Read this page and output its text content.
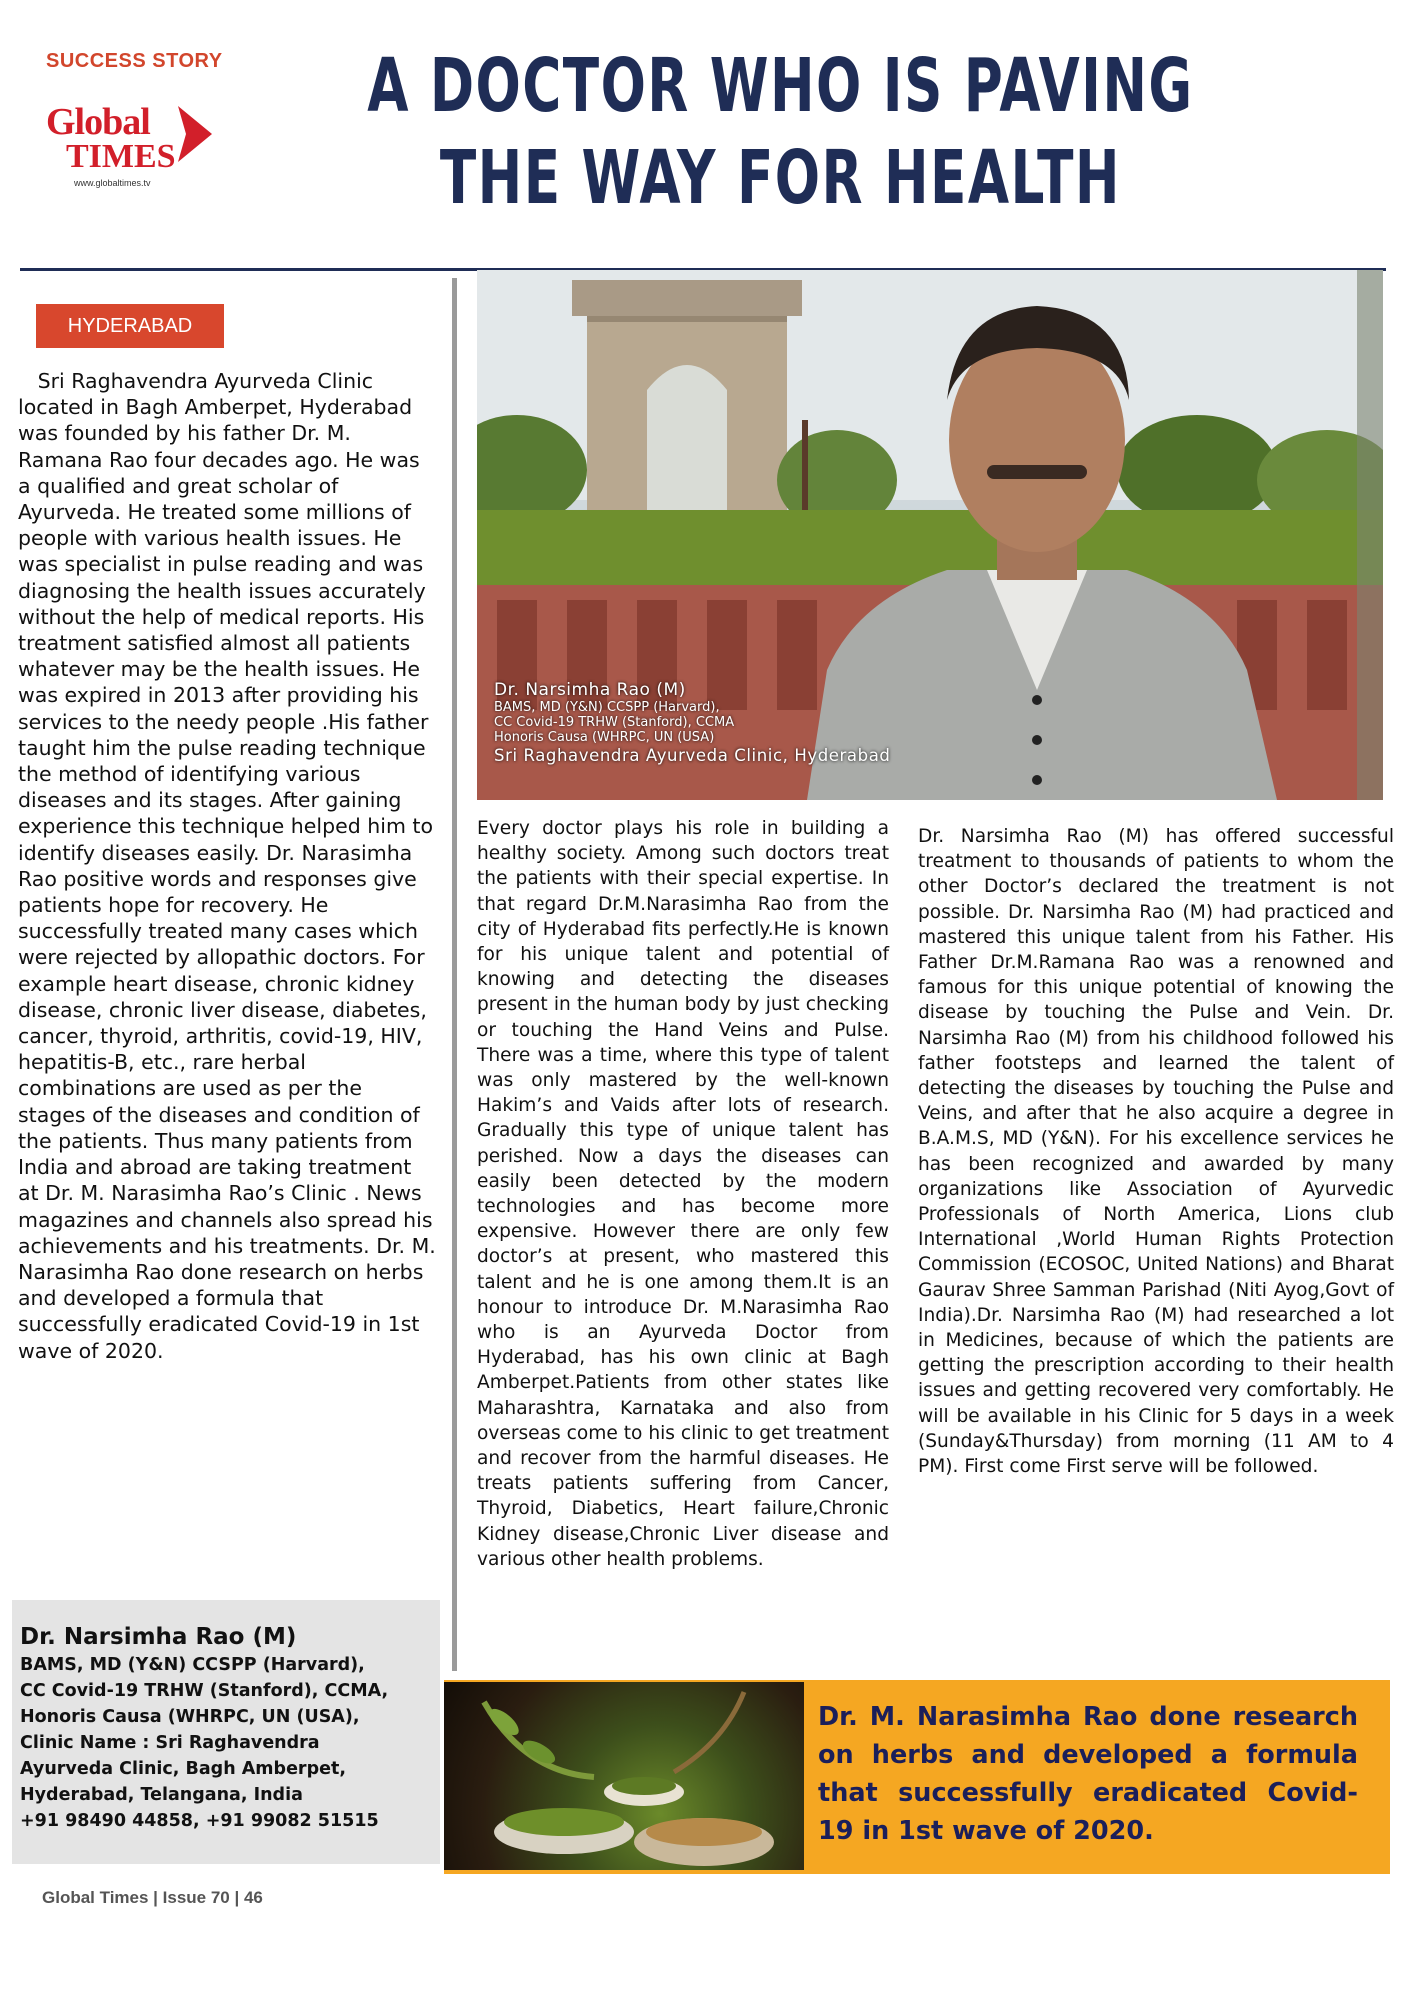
SUCCESS STORY
Global
TIMES
www.globaltimes.tv
A DOCTOR WHO IS PAVING
THE WAY FOR HEALTH
HYDERABAD
Sri Raghavendra Ayurveda Clinic located in Bagh Amberpet, Hyderabad was founded by his father Dr. M. Ramana Rao four decades ago. He was a qualified and great scholar of Ayurveda. He treated some millions of people with various health issues. He was specialist in pulse reading and was diagnosing the health issues accurately without the help of medical reports. His treatment satisfied almost all patients whatever may be the health issues. He was expired in 2013 after providing his services to the needy people .His father taught him the pulse reading technique the method of identifying various diseases and its stages. After gaining experience this technique helped him to identify diseases easily. Dr. Narasimha Rao positive words and responses give patients hope for recovery. He successfully treated many cases which were rejected by allopathic doctors. For example heart disease, chronic kidney disease, chronic liver disease, diabetes, cancer, thyroid, arthritis, covid-19, HIV, hepatitis-B, etc., rare herbal combinations are used as per the stages of the diseases and condition of the patients. Thus many patients from India and abroad are taking treatment at Dr. M. Narasimha Rao’s Clinic . News magazines and channels also spread his achievements and his treatments. Dr. M. Narasimha Rao done research on herbs and developed a formula that successfully eradicated Covid-19 in 1st wave of 2020.
Dr. Narsimha Rao (M)
BAMS, MD (Y&N) CCSPP (Harvard),
CC Covid-19 TRHW (Stanford), CCMA,
Honoris Causa (WHRPC, UN (USA),
Clinic Name : Sri Raghavendra
Ayurveda Clinic, Bagh Amberpet,
Hyderabad, Telangana, India
+91 98490 44858, +91 99082 51515
Global Times | Issue 70 | 46
Dr. Narsimha Rao (M)
BAMS, MD (Y&N) CCSPP (Harvard),
CC Covid-19 TRHW (Stanford), CCMA
Honoris Causa (WHRPC, UN (USA)
Sri Raghavendra Ayurveda Clinic, Hyderabad
Every doctor plays his role in building a healthy society. Among such doctors treat the patients with their special expertise. In that regard Dr.M.Narasimha Rao from the city of Hyderabad fits perfectly.He is known for his unique talent and potential of knowing and detecting the diseases present in the human body by just checking or touching the Hand Veins and Pulse. There was a time, where this type of talent was only mastered by the well-known Hakim’s and Vaids after lots of research. Gradually this type of unique talent has perished. Now a days the diseases can easily been detected by the modern technologies and has become more expensive. However there are only few doctor’s at present, who mastered this talent and he is one among them.It is an honour to introduce Dr. M.Narasimha Rao who is an Ayurveda Doctor from Hyderabad, has his own clinic at Bagh Amberpet.Patients from other states like Maharashtra, Karnataka and also from overseas come to his clinic to get treatment and recover from the harmful diseases. He treats patients suffering from Cancer, Thyroid, Diabetics, Heart failure,Chronic Kidney disease,Chronic Liver disease and various other health problems.
Dr. Narsimha Rao (M) has offered successful treatment to thousands of patients to whom the other Doctor’s declared the treatment is not possible. Dr. Narsimha Rao (M) had practiced and mastered this unique talent from his Father. His Father Dr.M.Ramana Rao was a renowned and famous for this unique potential of knowing the disease by touching the Pulse and Vein. Dr. Narsimha Rao (M) from his childhood followed his father footsteps and learned the talent of detecting the diseases by touching the Pulse and Veins, and after that he also acquire a degree in B.A.M.S, MD (Y&N). For his excellence services he has been recognized and awarded by many organizations like Association of Ayurvedic Professionals of North America, Lions club International ,World Human Rights Protection Commission (ECOSOC, United Nations) and Bharat Gaurav Shree Samman Parishad (Niti Ayog,Govt of India).Dr. Narsimha Rao (M) had researched a lot in Medicines, because of which the patients are getting the prescription according to their health issues and getting recovered very comfortably. He will be available in his Clinic for 5 days in a week (Sunday&Thursday) from morning (11 AM to 4 PM). First come First serve will be followed.
Dr. M. Narasimha Rao done research on herbs and developed a formula that successfully eradicated Covid-19 in 1st wave of 2020.
